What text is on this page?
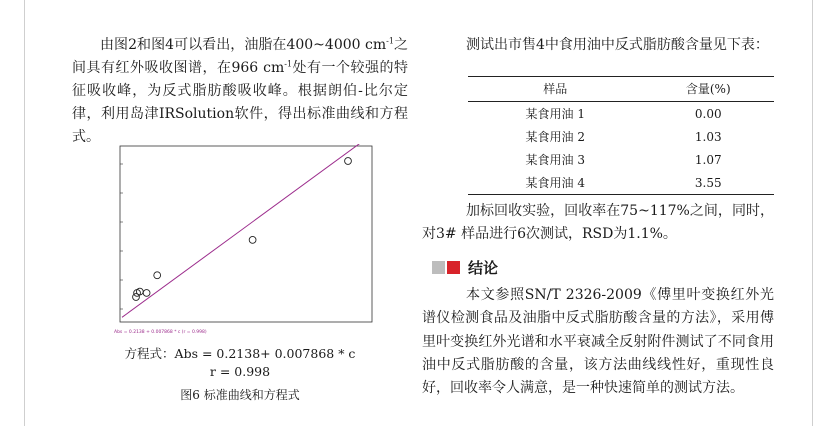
由图2和图4可以看出，油脂在400~4000 $cm^{-1}$之间具有红外吸收图谱，在966 $cm^{-1}$处有一个较强的特征吸收峰，为反式脂肪酸吸收峰。根据朗伯-比尔定律，利用岛津IRSolution软件，得出标准曲线和方程式。

Abs = 0.2138 + 0.007868 * c (r = 0.998)
方程式：Abs = 0.2138+ 0.007868 * c
r = 0.998
图6 标准曲线和方程式

测试出市售4中食用油中反式脂肪酸含量见下表：

样品	含量(%)
某食用油 1	0.00
某食用油 2	1.03
某食用油 3	1.07
某食用油 4	3.55

加标回收实验，回收率在75~117%之间，同时，对3# 样品进行6次测试，RSD为1.1%。

结论

本文参照SN/T 2326-2009《傅里叶变换红外光谱仪检测食品及油脂中反式脂肪酸含量的方法》，采用傅里叶变换红外光谱和水平衰减全反射附件测试了不同食用油中反式脂肪酸的含量，该方法曲线线性好，重现性良好，回收率令人满意，是一种快速简单的测试方法。
